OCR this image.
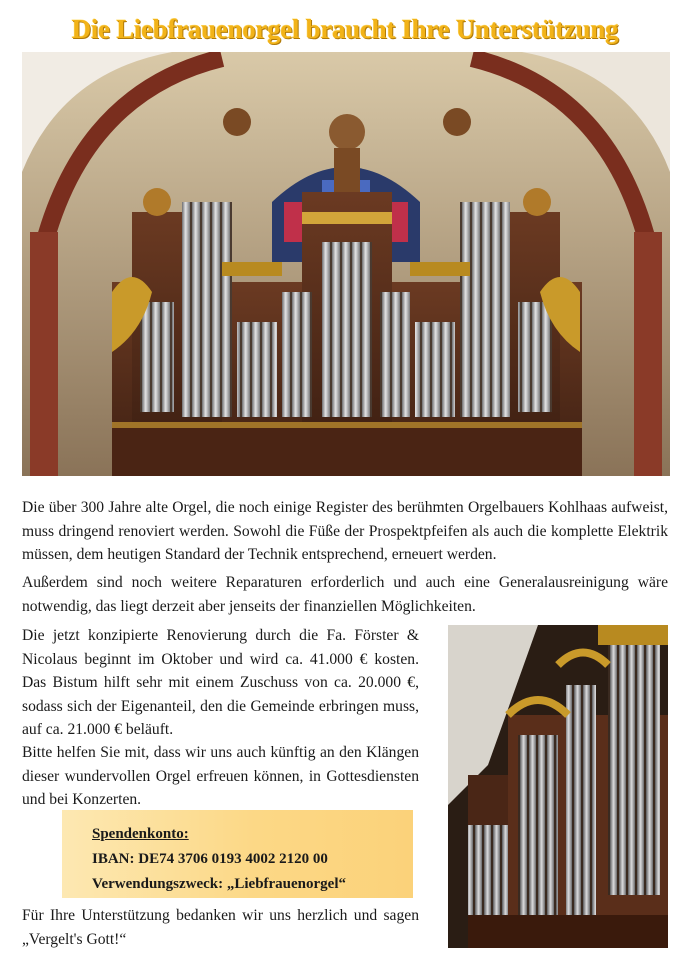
Die Liebfrauenorgel braucht Ihre Unterstützung

Die über 300 Jahre alte Orgel, die noch einige Register des berühmten Orgelbauers Kohlhaas aufweist, muss dringend renoviert werden. Sowohl die Füße der Prospektpfeifen als auch die komplette Elektrik müssen, dem heutigen Standard der Technik entsprechend, erneuert werden.

Außerdem sind noch weitere Reparaturen erforderlich und auch eine Generalausreinigung wäre notwendig, das liegt derzeit aber jenseits der finanziellen Möglichkeiten.

Die jetzt konzipierte Renovierung durch die Fa. Förster & Nicolaus beginnt im Oktober und wird ca. 41.000 € kosten. Das Bistum hilft sehr mit einem Zuschuss von ca. 20.000 €, sodass sich der Eigenanteil, den die Gemeinde erbringen muss, auf ca. 21.000 € beläuft.

Bitte helfen Sie mit, dass wir uns auch künftig an den Klängen dieser wundervollen Orgel erfreuen können, in Gottesdiensten und bei Konzerten.

Spendenkonto:
IBAN: DE74 3706 0193 4002 2120 00
Verwendungszweck: „Liebfrauenorgel“

Für Ihre Unterstützung bedanken wir uns herzlich und sagen „Vergelt's Gott!“
